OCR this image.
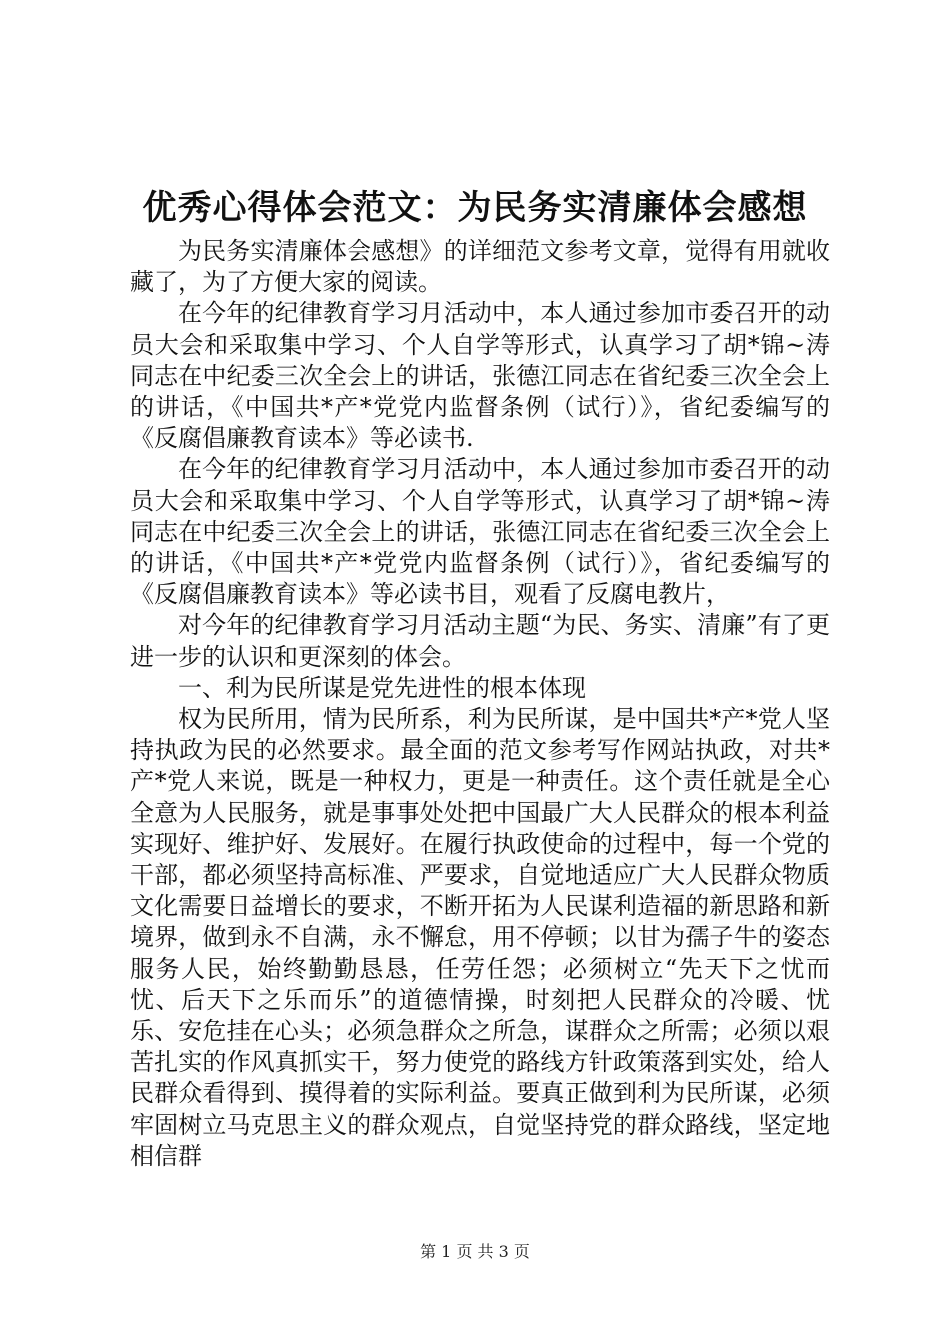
优秀心得体会范文：为民务实清廉体会感想

为民务实清廉体会感想》的详细范文参考文章，觉得有用就收藏了，为了方便大家的阅读。

在今年的纪律教育学习月活动中，本人通过参加市委召开的动员大会和采取集中学习、个人自学等形式，认真学习了胡*锦~涛同志在中纪委三次全会上的讲话，张德江同志在省纪委三次全会上的讲话，《中国共*产*党党内监督条例（试行）》，省纪委编写的《反腐倡廉教育读本》等必读书.

在今年的纪律教育学习月活动中，本人通过参加市委召开的动员大会和采取集中学习、个人自学等形式，认真学习了胡*锦~涛同志在中纪委三次全会上的讲话，张德江同志在省纪委三次全会上的讲话，《中国共*产*党党内监督条例（试行）》，省纪委编写的《反腐倡廉教育读本》等必读书目，观看了反腐电教片，

对今年的纪律教育学习月活动主题“为民、务实、清廉”有了更进一步的认识和更深刻的体会。

一、利为民所谋是党先进性的根本体现

权为民所用，情为民所系，利为民所谋，是中国共*产*党人坚持执政为民的必然要求。最全面的范文参考写作网站执政，对共*产*党人来说，既是一种权力，更是一种责任。这个责任就是全心全意为人民服务，就是事事处处把中国最广大人民群众的根本利益实现好、维护好、发展好。在履行执政使命的过程中，每一个党的干部，都必须坚持高标准、严要求，自觉地适应广大人民群众物质文化需要日益增长的要求，不断开拓为人民谋利造福的新思路和新境界，做到永不自满，永不懈怠，用不停顿；以甘为孺子牛的姿态服务人民，始终勤勤恳恳，任劳任怨；必须树立“先天下之忧而忧、后天下之乐而乐”的道德情操，时刻把人民群众的冷暖、忧乐、安危挂在心头；必须急群众之所急，谋群众之所需；必须以艰苦扎实的作风真抓实干，努力使党的路线方针政策落到实处，给人民群众看得到、摸得着的实际利益。要真正做到利为民所谋，必须牢固树立马克思主义的群众观点，自觉坚持党的群众路线，坚定地相信群

第 1 页 共 3 页
